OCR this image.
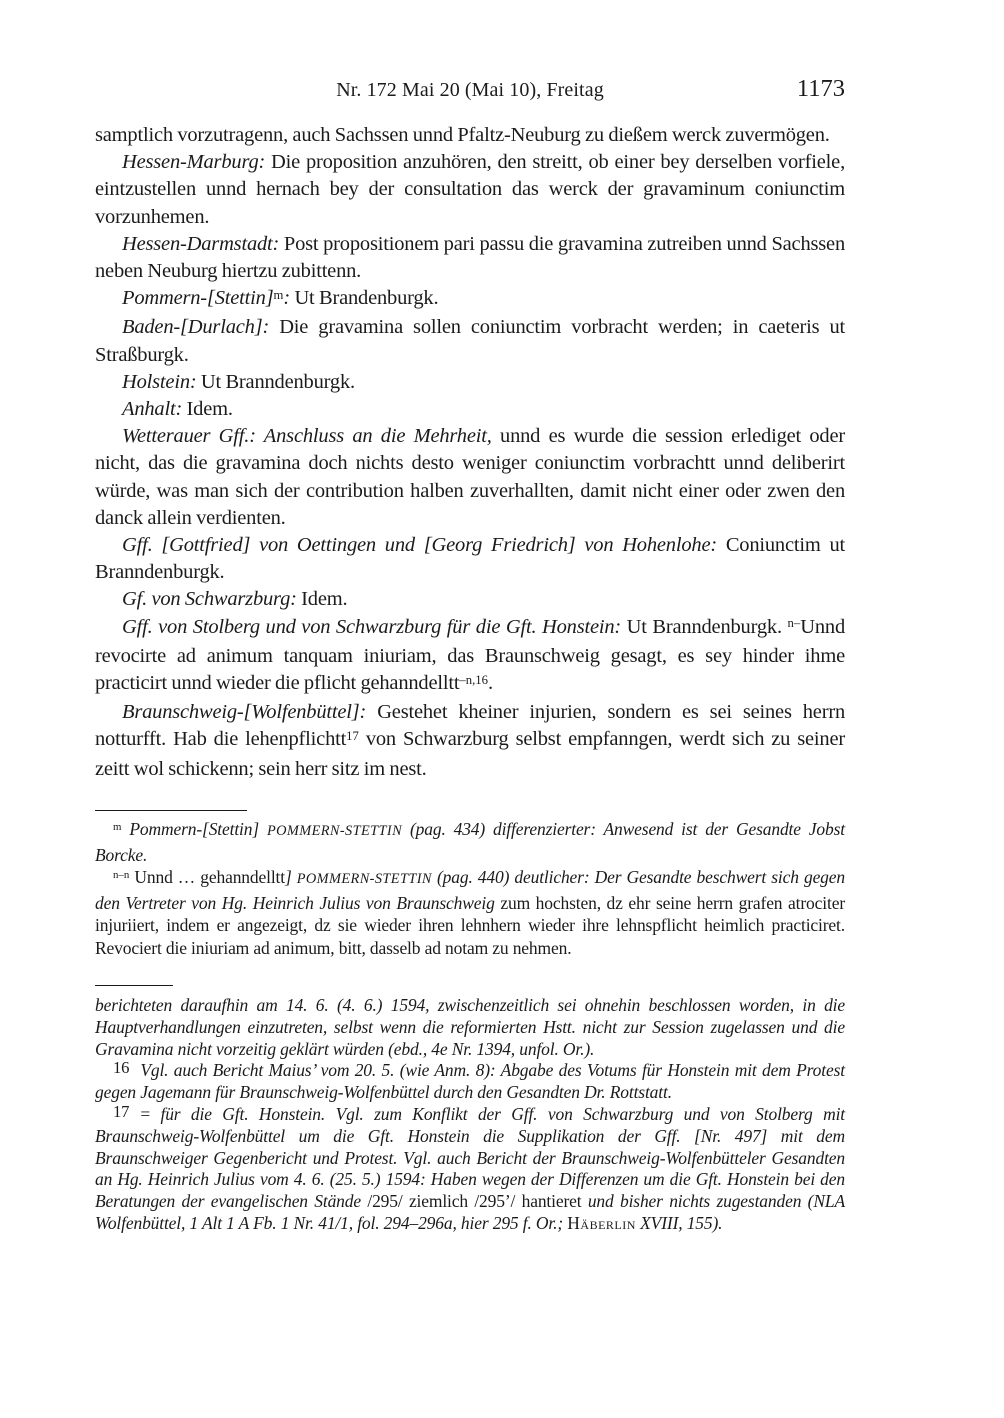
Nr. 172 Mai 20 (Mai 10), Freitag	1173

samptlich vorzutragenn, auch Sachssen unnd Pfaltz-Neuburg zu dießem werck zuvermögen.

Hessen-Marburg: Die proposition anzuhören, den streitt, ob einer bey derselben vorfiele, eintzustellen unnd hernach bey der consultation das werck der gravaminum coniunctim vorzunhemen.

Hessen-Darmstadt: Post propositionem pari passu die gravamina zutreiben unnd Sachssen neben Neuburg hiertzu zubittenn.

Pommern-[Stettin]$^m$: Ut Brandenburgk.

Baden-[Durlach]: Die gravamina sollen coniunctim vorbracht werden; in caeteris ut Straßburgk.

Holstein: Ut Branndenburgk.

Anhalt: Idem.

Wetterauer Gff.: Anschluss an die Mehrheit, unnd es wurde die session erlediget oder nicht, das die gravamina doch nichts desto weniger coniunctim vorbrachtt unnd deliberirt würde, was man sich der contribution halben zuverhallten, damit nicht einer oder zwen den danck allein verdienten.

Gff. [Gottfried] von Oettingen und [Georg Friedrich] von Hohenlohe: Coniunctim ut Branndenburgk.

Gf. von Schwarzburg: Idem.

Gff. von Stolberg und von Schwarzburg für die Gft. Honstein: Ut Branndenburgk. $^{n-}$Unnd revocirte ad animum tanquam iniuriam, das Braunschweig gesagt, es sey hinder ihme practicirt unnd wieder die pflicht gehanndelltt$^{-n,16}$.

Braunschweig-[Wolfenbüttel]: Gestehet kheiner injurien, sondern es sei seines herrn notturfft. Hab die lehenpflichtt$^{17}$ von Schwarzburg selbst empfanngen, werdt sich zu seiner zeitt wol schickenn; sein herr sitz im nest.

$^m$ Pommern-[Stettin] POMMERN-STETTIN (pag. 434) differenzierter: Anwesend ist der Gesandte Jobst Borcke.

$^{n-n}$ Unnd … gehanndelltt] POMMERN-STETTIN (pag. 440) deutlicher: Der Gesandte beschwert sich gegen den Vertreter von Hg. Heinrich Julius von Braunschweig zum hochsten, dz ehr seine herrn grafen atrociter injuriiert, indem er angezeigt, dz sie wieder ihren lehnhern wieder ihre lehnspflicht heimlich practiciret. Revociert die iniuriam ad animum, bitt, dasselb ad notam zu nehmen.

berichteten daraufhin am 14. 6. (4. 6.) 1594, zwischenzeitlich sei ohnehin beschlossen worden, in die Hauptverhandlungen einzutreten, selbst wenn die reformierten Hstt. nicht zur Session zugelassen und die Gravamina nicht vorzeitig geklärt würden (ebd., 4e Nr. 1394, unfol. Or.).

16 Vgl. auch Bericht Maius’ vom 20. 5. (wie Anm. 8): Abgabe des Votums für Honstein mit dem Protest gegen Jagemann für Braunschweig-Wolfenbüttel durch den Gesandten Dr. Rottstatt.

17 = für die Gft. Honstein. Vgl. zum Konflikt der Gff. von Schwarzburg und von Stolberg mit Braunschweig-Wolfenbüttel um die Gft. Honstein die Supplikation der Gff. [Nr. 497] mit dem Braunschweiger Gegenbericht und Protest. Vgl. auch Bericht der Braunschweig-Wolfenbütteler Gesandten an Hg. Heinrich Julius vom 4. 6. (25. 5.) 1594: Haben wegen der Differenzen um die Gft. Honstein bei den Beratungen der evangelischen Stände /295/ ziemlich /295’/ hantieret und bisher nichts zugestanden (NLA Wolfenbüttel, 1 Alt 1 A Fb. 1 Nr. 41/1, fol. 294–296a, hier 295 f. Or.; Häberlin XVIII, 155).
